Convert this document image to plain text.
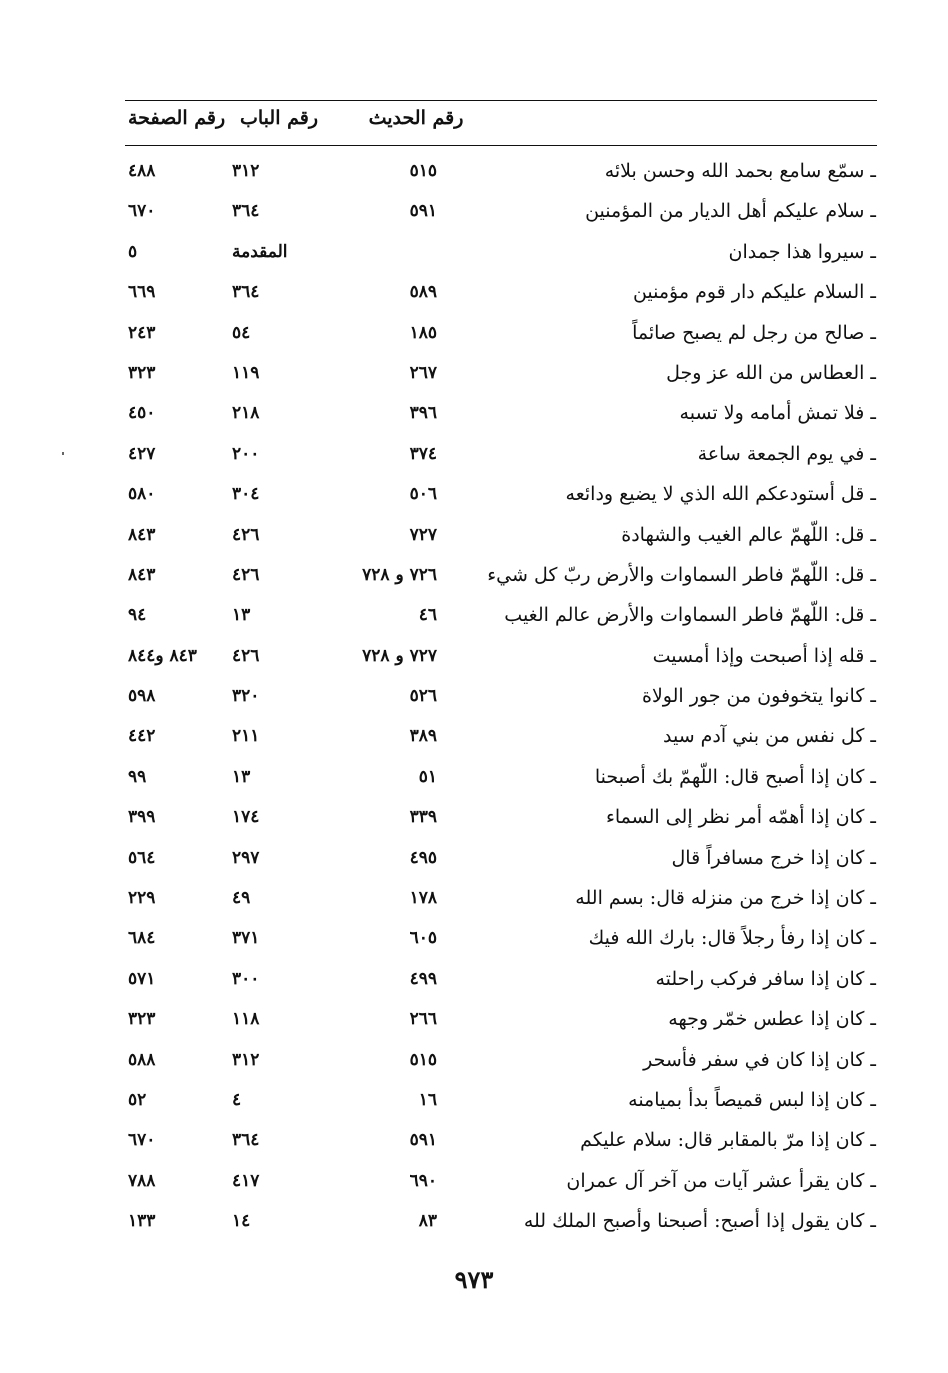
رقم الصفحة رقم الباب	رقم الحديث
ـ سمّع سامع بحمد الله وحسن بلائه
٥١٥
٣١٢
٤٨٨
ـ سلام عليكم أهل الديار من المؤمنين
٥٩١
٣٦٤
٦٧٠
ـ سيروا هذا جمدان
المقدمة
٥
ـ السلام عليكم دار قوم مؤمنين
٥٨٩
٣٦٤
٦٦٩
ـ صالح من رجل لم يصبح صائماً
١٨٥
٥٤
٢٤٣
ـ العطاس من الله عز وجل
٢٦٧
١١٩
٣٢٣
ـ فلا تمش أمامه ولا تسبه
٣٩٦
٢١٨
٤٥٠
ـ في يوم الجمعة ساعة
٣٧٤
٢٠٠
٤٢٧
ـ قل أستودعكم الله الذي لا يضيع ودائعه
٥٠٦
٣٠٤
٥٨٠
ـ قل: اللّهمّ عالم الغيب والشهادة
٧٢٧
٤٢٦
٨٤٣
ـ قل: اللّهمّ فاطر السماوات والأرض ربّ كل شيء
٧٢٦ و ٧٢٨
٤٢٦
٨٤٣
ـ قل: اللّهمّ فاطر السماوات والأرض عالم الغيب
٤٦
١٣
٩٤
ـ قله إذا أصبحت وإذا أمسيت
٧٢٧ و ٧٢٨
٤٢٦
٨٤٣ و٨٤٤
ـ كانوا يتخوفون من جور الولاة
٥٢٦
٣٢٠
٥٩٨
ـ كل نفس من بني آدم سيد
٣٨٩
٢١١
٤٤٢
ـ كان إذا أصبح قال: اللّهمّ بك أصبحنا
٥١
١٣
٩٩
ـ كان إذا أهمّه أمر نظر إلى السماء
٣٣٩
١٧٤
٣٩٩
ـ كان إذا خرج مسافراً قال
٤٩٥
٢٩٧
٥٦٤
ـ كان إذا خرج من منزله قال: بسم الله
١٧٨
٤٩
٢٢٩
ـ كان إذا رفأ رجلاً قال: بارك الله فيك
٦٠٥
٣٧١
٦٨٤
ـ كان إذا سافر فركب راحلته
٤٩٩
٣٠٠
٥٧١
ـ كان إذا عطس خمّر وجهه
٢٦٦
١١٨
٣٢٣
ـ كان إذا كان في سفر فأسحر
٥١٥
٣١٢
٥٨٨
ـ كان إذا لبس قميصاً بدأ بميامنه
١٦
٤
٥٢
ـ كان إذا مرّ بالمقابر قال: سلام عليكم
٥٩١
٣٦٤
٦٧٠
ـ كان يقرأ عشر آيات من آخر آل عمران
٦٩٠
٤١٧
٧٨٨
ـ كان يقول إذا أصبح: أصبحنا وأصبح الملك لله
٨٣
١٤
١٣٣
٩٧٣
